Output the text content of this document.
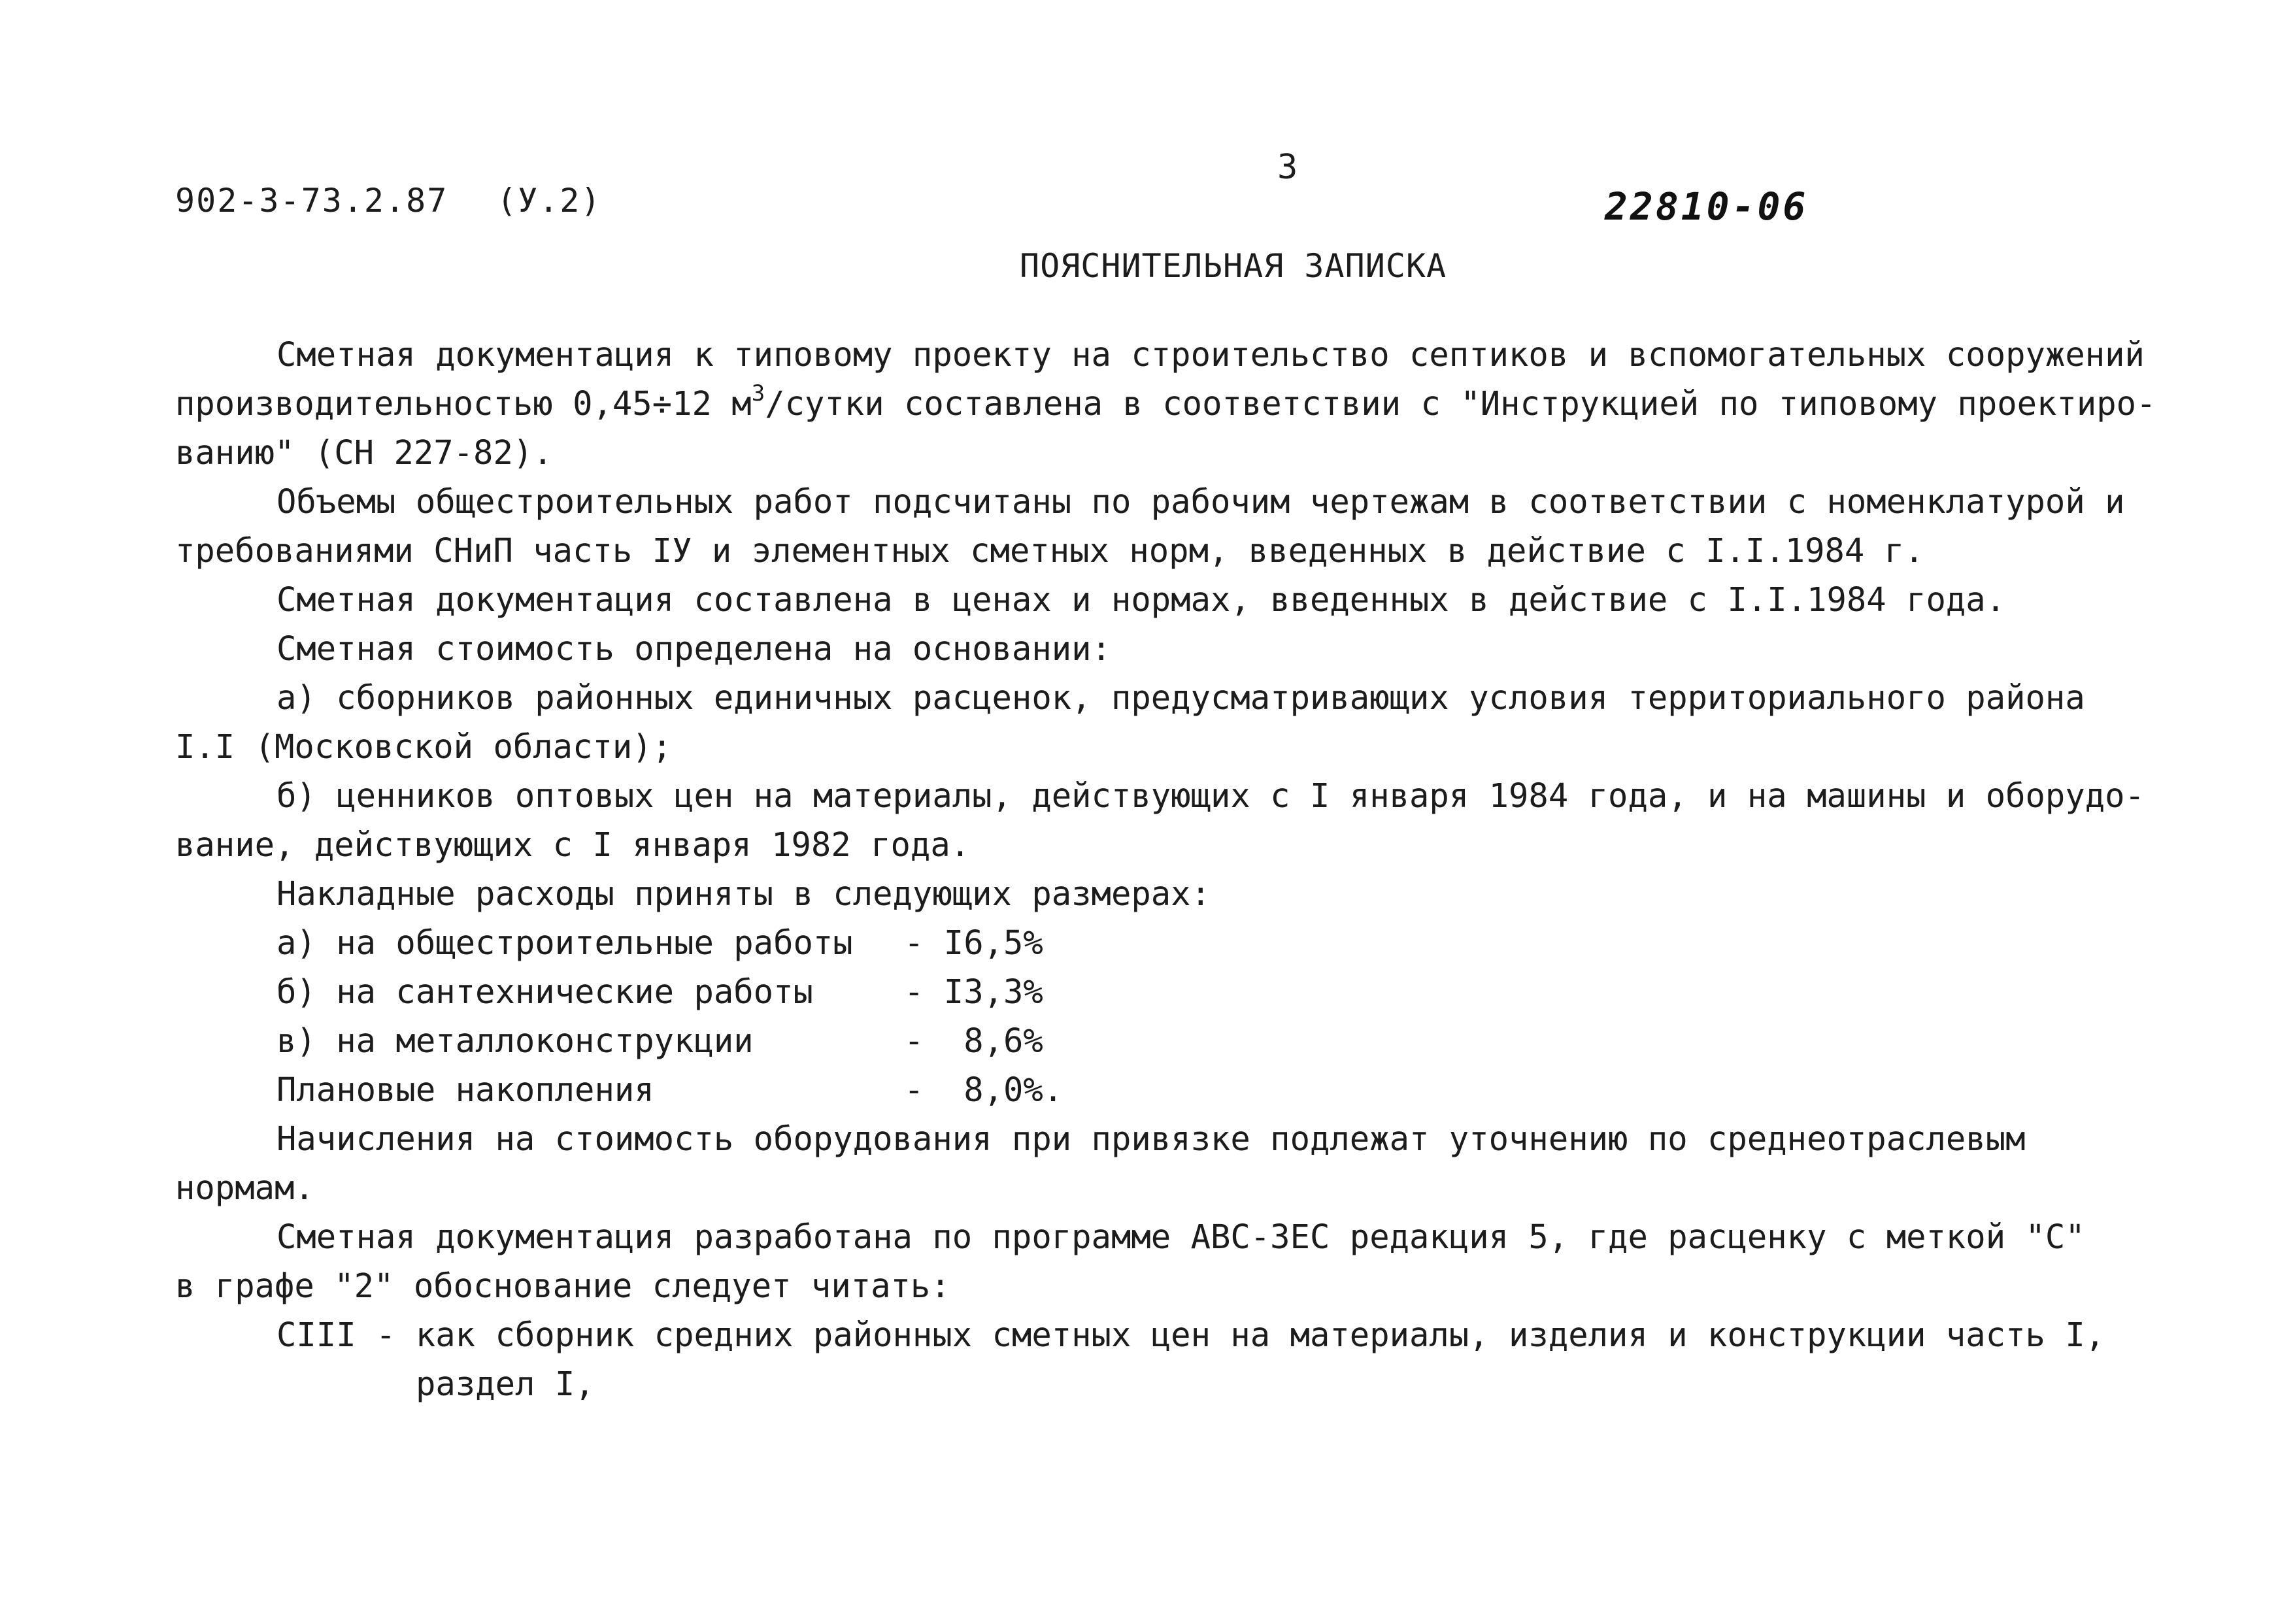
902-3-73.2.87 (У.2)
3
22810-06
ПОЯСНИТЕЛЬНАЯ ЗАПИСКА
Сметная документация к типовому проекту на строительство септиков и вспомогательных сооружений
производительностью 0,45÷12 $м^3$/сутки составлена в соответствии с "Инструкцией по типовому проектиро-
ванию" (СН 227-82).
Объемы общестроительных работ подсчитаны по рабочим чертежам в соответствии с номенклатурой и
требованиями СНиП часть IУ и элементных сметных норм, введенных в действие с I.I.1984 г.
Сметная документация составлена в ценах и нормах, введенных в действие с I.I.1984 года.
Сметная стоимость определена на основании:
а) сборников районных единичных расценок, предусматривающих условия территориального района
I.I (Московской области);
б) ценников оптовых цен на материалы, действующих с I января 1984 года, и на машины и оборудо-
вание, действующих с I января 1982 года.
Накладные расходы приняты в следующих размерах:
а) на общестроительные работы	- I6,5%
б) на сантехнические работы	- I3,3%
в) на металлоконструкции	-  8,6%
Плановые накопления	-  8,0%.
Начисления на стоимость оборудования при привязке подлежат уточнению по среднеотраслевым
нормам.
Сметная документация разработана по программе АВС-ЗЕС редакция 5, где расценку с меткой "С"
в графе "2" обоснование следует читать:
СIII - как сборник средних районных сметных цен на материалы, изделия и конструкции часть I,
раздел I,
